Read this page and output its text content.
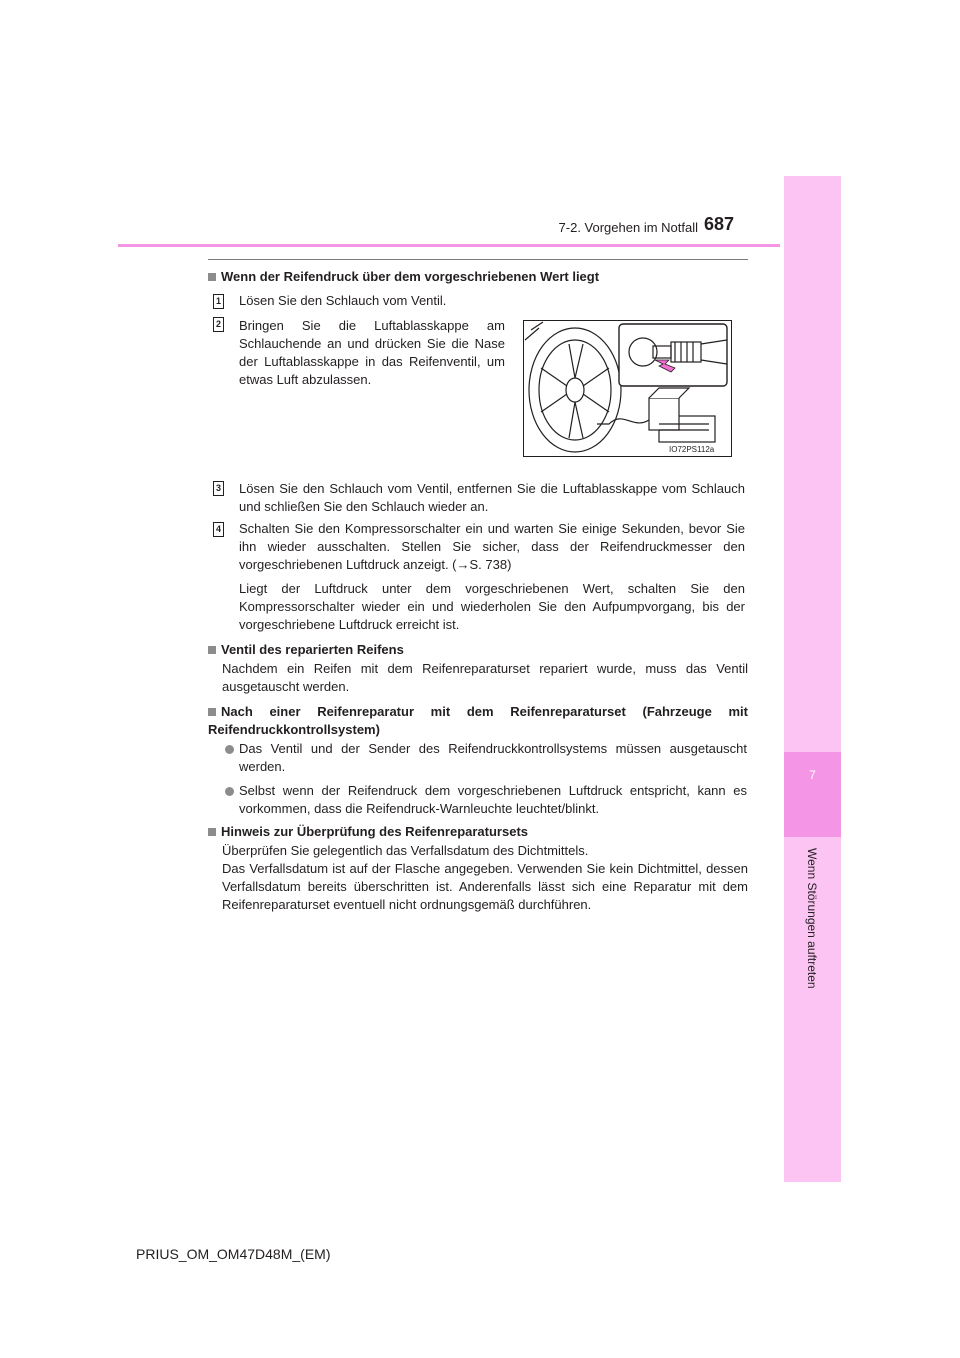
7
Wenn Störungen auftreten
7-2. Vorgehen im Notfall 687
Wenn der Reifendruck über dem vorgeschriebenen Wert liegt
1 Lösen Sie den Schlauch vom Ventil.
2 Bringen Sie die Luftablasskappe am Schlauchende an und drücken Sie die Nase der Luftablasskappe in das Reifenventil, um etwas Luft abzulassen.
IO72PS112a
3 Lösen Sie den Schlauch vom Ventil, entfernen Sie die Luftablasskappe vom Schlauch und schließen Sie den Schlauch wieder an.
4 Schalten Sie den Kompressorschalter ein und warten Sie einige Sekunden, bevor Sie ihn wieder ausschalten. Stellen Sie sicher, dass der Reifendruckmesser den vorgeschriebenen Luftdruck anzeigt. (→S. 738)
Liegt der Luftdruck unter dem vorgeschriebenen Wert, schalten Sie den Kompressorschalter wieder ein und wiederholen Sie den Aufpumpvorgang, bis der vorgeschriebene Luftdruck erreicht ist.
Ventil des reparierten Reifens
Nachdem ein Reifen mit dem Reifenreparaturset repariert wurde, muss das Ventil ausgetauscht werden.
Nach einer Reifenreparatur mit dem Reifenreparaturset (Fahrzeuge mit Reifendruckkontrollsystem)
Das Ventil und der Sender des Reifendruckkontrollsystems müssen ausgetauscht werden.
Selbst wenn der Reifendruck dem vorgeschriebenen Luftdruck entspricht, kann es vorkommen, dass die Reifendruck-Warnleuchte leuchtet/blinkt.
Hinweis zur Überprüfung des Reifenreparatursets
Überprüfen Sie gelegentlich das Verfallsdatum des Dichtmittels.
Das Verfallsdatum ist auf der Flasche angegeben. Verwenden Sie kein Dichtmittel, dessen Verfallsdatum bereits überschritten ist. Anderenfalls lässt sich eine Reparatur mit dem Reifenreparaturset eventuell nicht ordnungsgemäß durchführen.
PRIUS_OM_OM47D48M_(EM)
